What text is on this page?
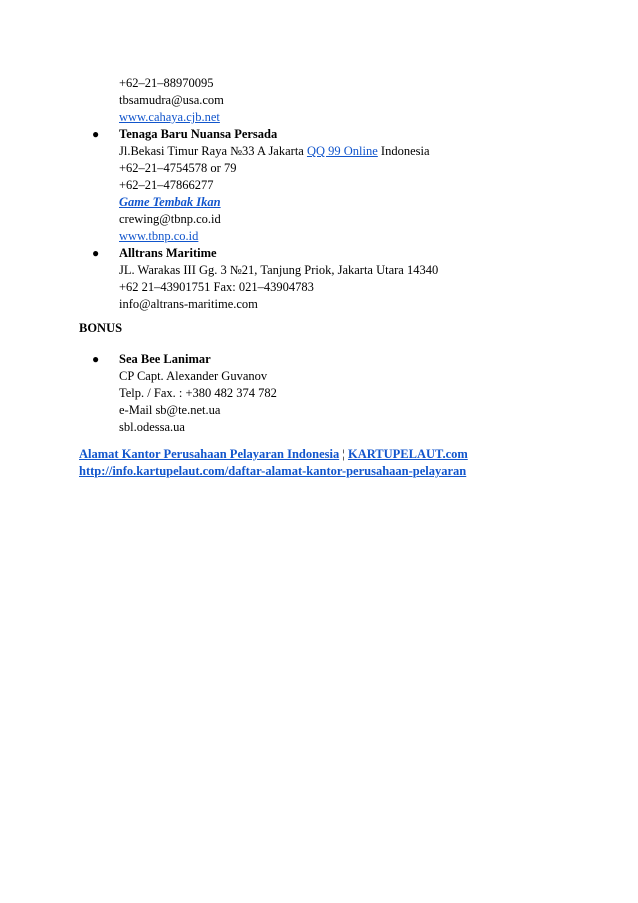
+62–21–88970095
tbsamudra@usa.com
www.cahaya.cjb.net
● Tenaga Baru Nuansa Persada
Jl.Bekasi Timur Raya №33 A Jakarta QQ 99 Online Indonesia
+62–21–4754578 or 79
+62–21–47866277
Game Tembak Ikan
crewing@tbnp.co.id
www.tbnp.co.id
● Alltrans Maritime
JL. Warakas III Gg. 3 №21, Tanjung Priok, Jakarta Utara 14340
+62 21–43901751 Fax: 021–43904783
info@altrans-maritime.com
BONUS
● Sea Bee Lanimar
CP Capt. Alexander Guvanov
Telp. / Fax. : +380 482 374 782
e-Mail sb@te.net.ua
sbl.odessa.ua
Alamat Kantor Perusahaan Pelayaran Indonesia ¦ KARTUPELAUT.com
http://info.kartupelaut.com/daftar-alamat-kantor-perusahaan-pelayaran
